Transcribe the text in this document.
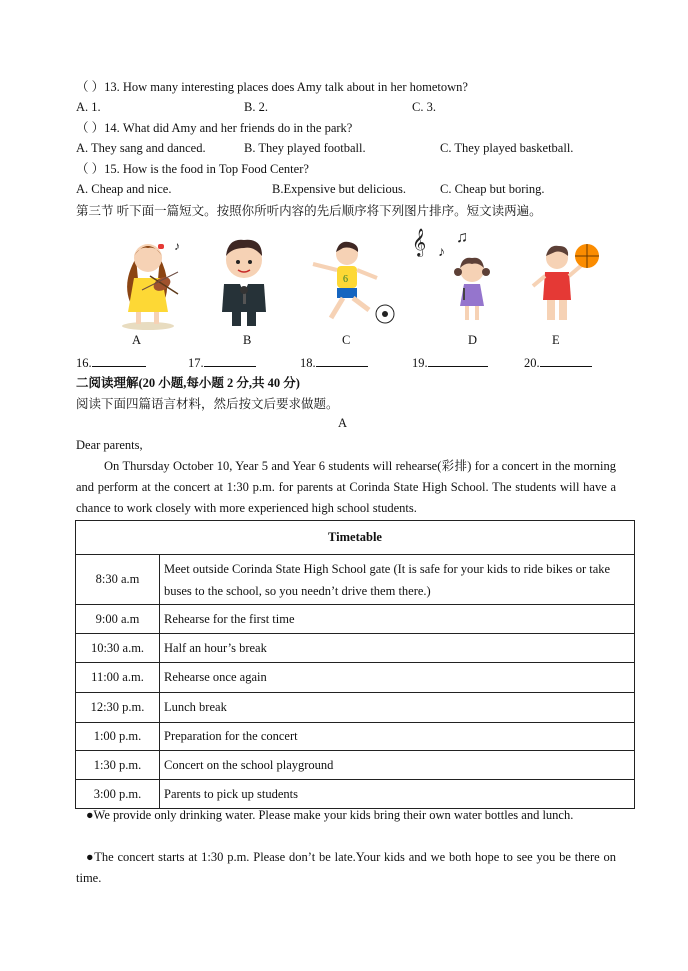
（ ）13. How many interesting places does Amy talk about in her hometown?
A. 1.	B. 2.	C. 3.
（ ）14. What did Amy and her friends do in the park?
A. They sang and danced.	B. They played football.	C. They played basketball.
（ ）15. How is the food in Top Food Center?
A. Cheap and nice.	B.Expensive but delicious.	C. Cheap but boring.
第三节 听下面一篇短文。按照你所听内容的先后顺序将下列图片排序。短文读两遍。
♪
A	B
6
C
𝄞 ♪
♫
D	E
16.	17.	18.	19.	20.
二阅读理解(20 小题,每小题 2 分,共 40 分)
阅读下面四篇语言材料，然后按文后要求做题。
A
Dear parents,
On Thursday October 10, Year 5 and Year 6 students will rehearse(彩排) for a concert in the morning and perform at the concert at 1:30 p.m. for parents at Corinda State High School. The students will have a chance to work closely with more experienced high school students.
Timetable	
8:30 a.m	Meet outside Corinda State High School gate (It is safe for your kids to ride bikes or take buses to the school, so you needn’t drive them there.)
9:00 a.m	Rehearse for the first time
10:30 a.m.	Half an hour’s break
11:00 a.m.	Rehearse once again
12:30 p.m.	Lunch break
1:00 p.m.	Preparation for the concert
1:30 p.m.	Concert on the school playground
3:00 p.m.	Parents to pick up students
●We provide only drinking water. Please make your kids bring their own water bottles and lunch.
●The concert starts at 1:30 p.m. Please don’t be late.Your kids and we both hope to see you be there on time.
